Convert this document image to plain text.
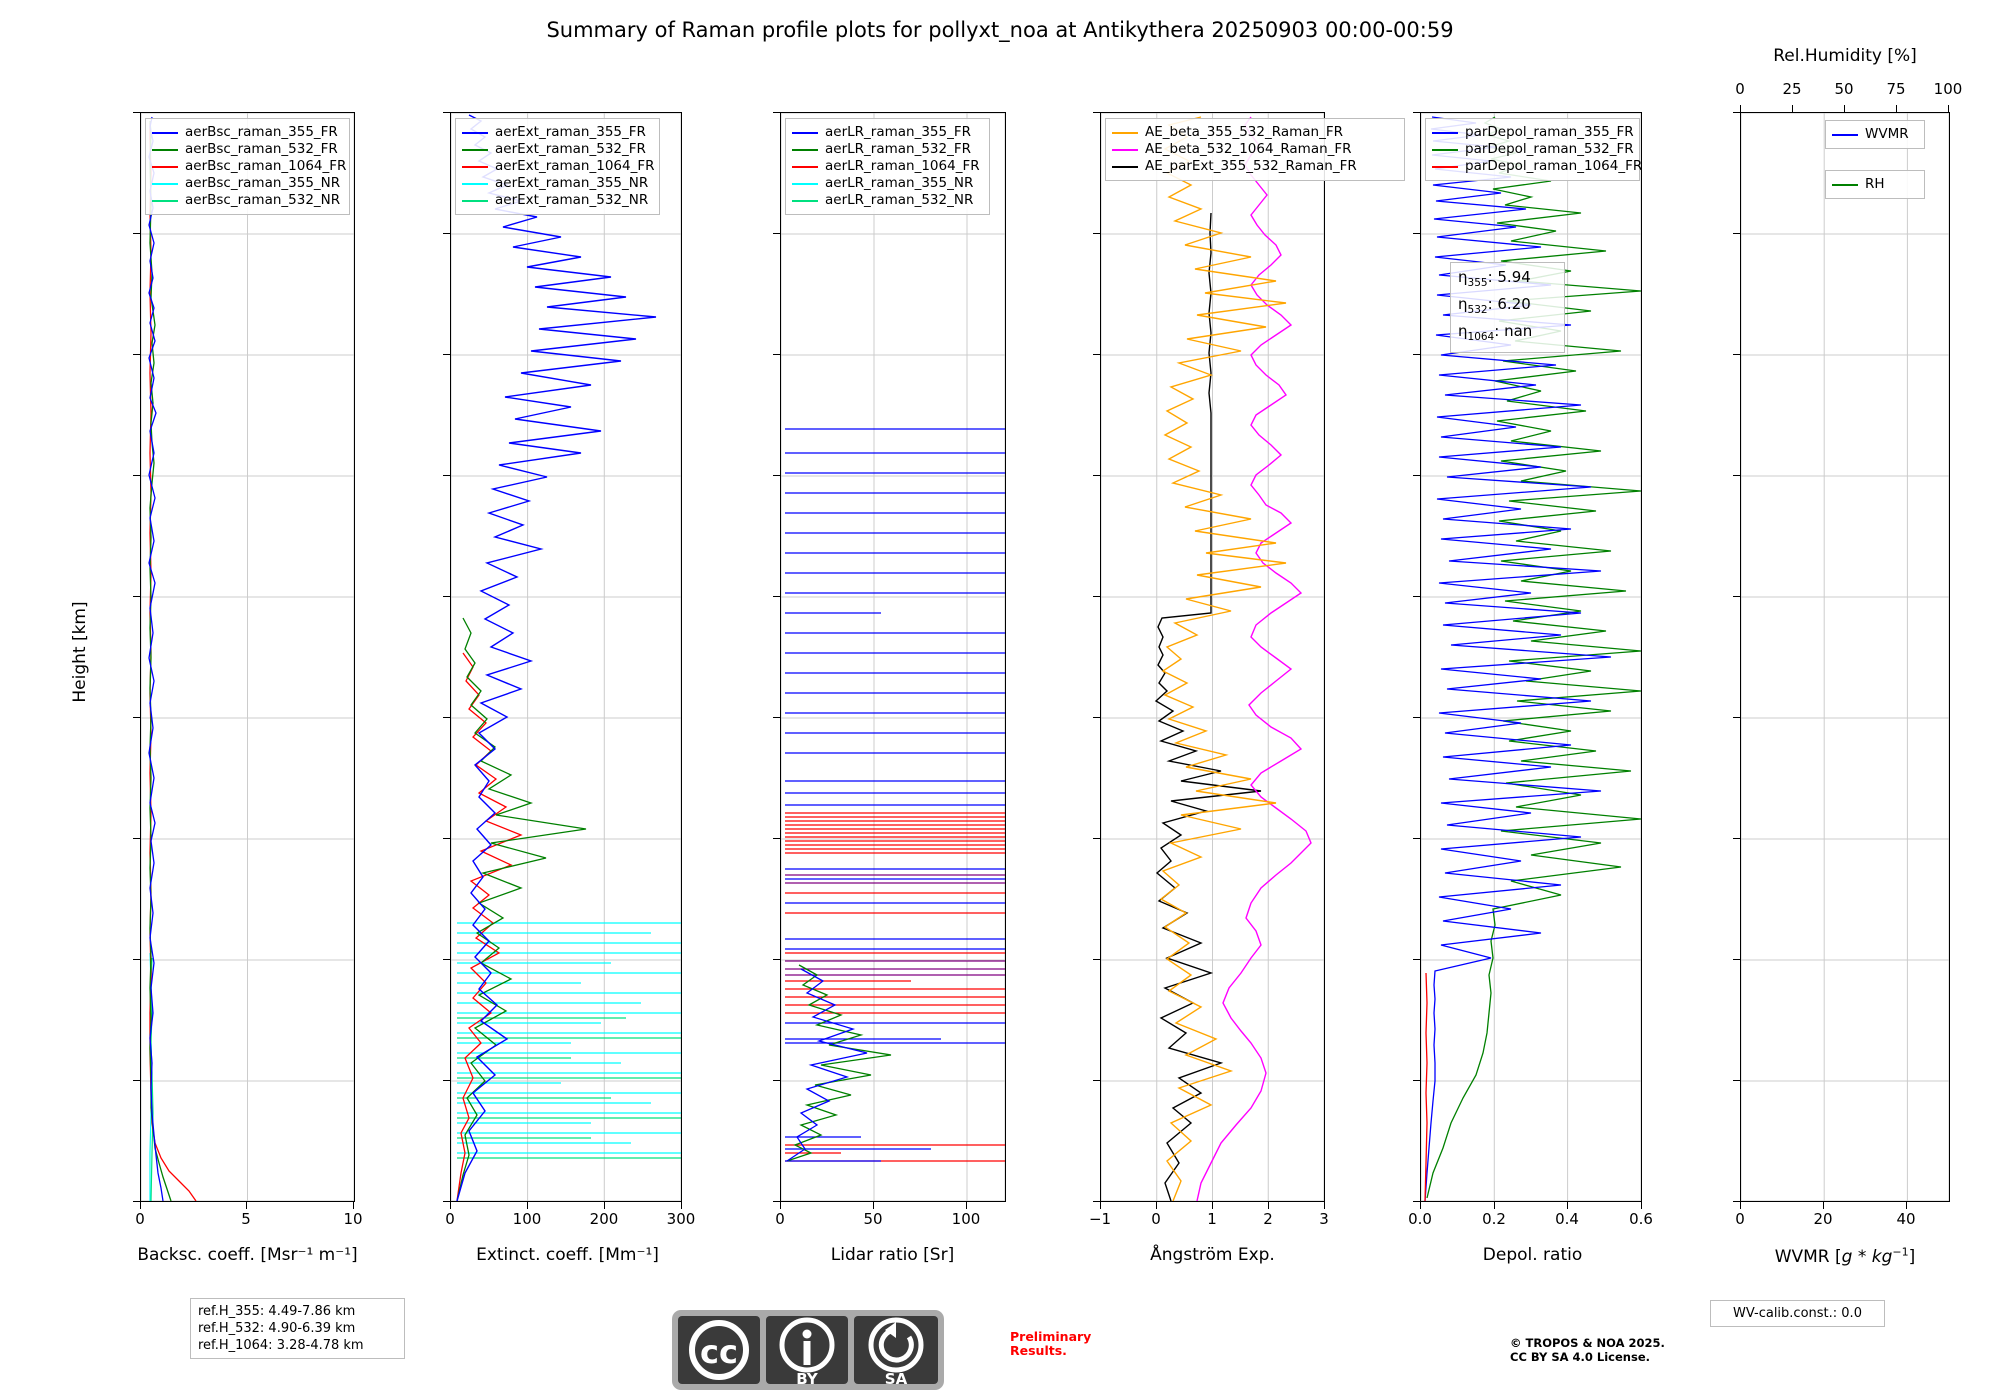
Summary of Raman profile plots for pollyxt_noa at Antikythera 20250903 00:00-00:59
0	5	10
Backsc. coeff. [Msr⁻¹ m⁻¹]
Height [km]
aerBsc_raman_355_FR
aerBsc_raman_532_FR
aerBsc_raman_1064_FR
aerBsc_raman_355_NR
aerBsc_raman_532_NR
0	100	200	300
Extinct. coeff. [Mm⁻¹]
aerExt_raman_355_FR
aerExt_raman_532_FR
aerExt_raman_1064_FR
aerExt_raman_355_NR
aerExt_raman_532_NR
0	50	100
Lidar ratio [Sr]
aerLR_raman_355_FR
aerLR_raman_532_FR
aerLR_raman_1064_FR
aerLR_raman_355_NR
aerLR_raman_532_NR
−1	0	1	2	3
Ångström Exp.
AE_beta_355_532_Raman_FR
AE_beta_532_1064_Raman_FR
AE_parExt_355_532_Raman_FR
0.0	0.2	0.4	0.6
Depol. ratio
parDepol_raman_355_FR
parDepol_raman_532_FR
parDepol_raman_1064_FR
$\eta_{355}$: 5.94
$\eta_{532}$: 6.20
$\eta_{1064}$: nan
0	20	40
WVMR $[g * kg^{-1}]$
0	25 50 75 100
Rel.Humidity [%]
WVMR
RH
ref.H_355: 4.49-7.86 km
ref.H_532: 4.90-6.39 km
ref.H_1064: 3.28-4.78 km	cc
BY	SA
Preliminary
Results.	© TROPOS & NOA 2025.
CC BY SA 4.0 License.
WV-calib.const.: 0.0
